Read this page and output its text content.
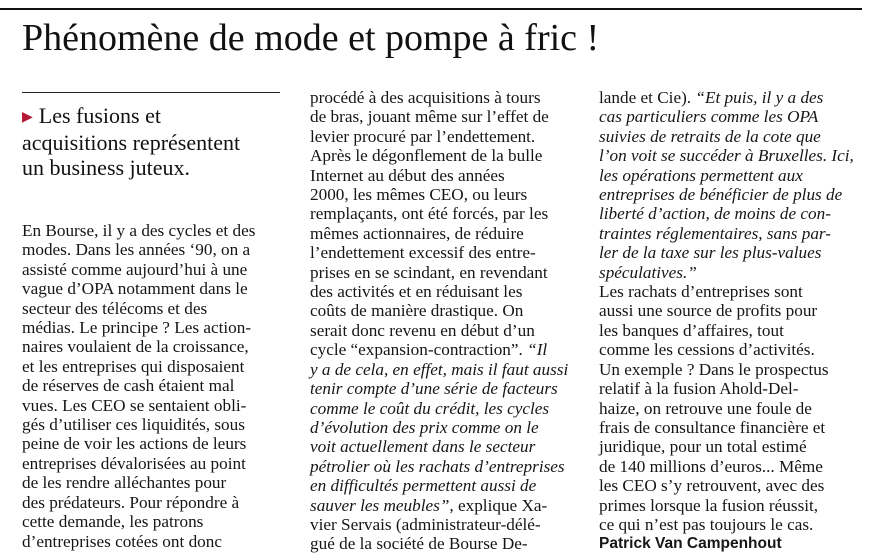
Phénomène de mode et pompe à fric !
▶ Les fusions et
acquisitions représentent
un business juteux.
En Bourse, il y a des cycles et des
modes. Dans les années ‘90, on a
assisté comme aujourd’hui à une
vague d’OPA notamment dans le
secteur des télécoms et des
médias. Le principe ? Les action-
naires voulaient de la croissance,
et les entreprises qui disposaient
de réserves de cash étaient mal
vues. Les CEO se sentaient obli-
gés d’utiliser ces liquidités, sous
peine de voir les actions de leurs
entreprises dévalorisées au point
de les rendre alléchantes pour
des prédateurs. Pour répondre à
cette demande, les patrons
d’entreprises cotées ont donc
procédé à des acquisitions à tours
de bras, jouant même sur l’effet de
levier procuré par l’endettement.
Après le dégonflement de la bulle
Internet au début des années
2000, les mêmes CEO, ou leurs
remplaçants, ont été forcés, par les
mêmes actionnaires, de réduire
l’endettement excessif des entre-
prises en se scindant, en revendant
des activités et en réduisant les
coûts de manière drastique. On
serait donc revenu en début d’un
cycle “expansion-contraction”. “Il
y a de cela, en effet, mais il faut aussi
tenir compte d’une série de facteurs
comme le coût du crédit, les cycles
d’évolution des prix comme on le
voit actuellement dans le secteur
pétrolier où les rachats d’entreprises
en difficultés permettent aussi de
sauver les meubles”, explique Xa-
vier Servais (administrateur-délé-
gué de la société de Bourse De-
lande et Cie). “Et puis, il y a des
cas particuliers comme les OPA
suivies de retraits de la cote que
l’on voit se succéder à Bruxelles. Ici,
les opérations permettent aux
entreprises de bénéficier de plus de
liberté d’action, de moins de con-
traintes réglementaires, sans par-
ler de la taxe sur les plus-values
spéculatives.”
Les rachats d’entreprises sont
aussi une source de profits pour
les banques d’affaires, tout
comme les cessions d’activités.
Un exemple ? Dans le prospectus
relatif à la fusion Ahold-Del-
haize, on retrouve une foule de
frais de consultance financière et
juridique, pour un total estimé
de 140 millions d’euros... Même
les CEO s’y retrouvent, avec des
primes lorsque la fusion réussit,
ce qui n’est pas toujours le cas.
Patrick Van Campenhout
